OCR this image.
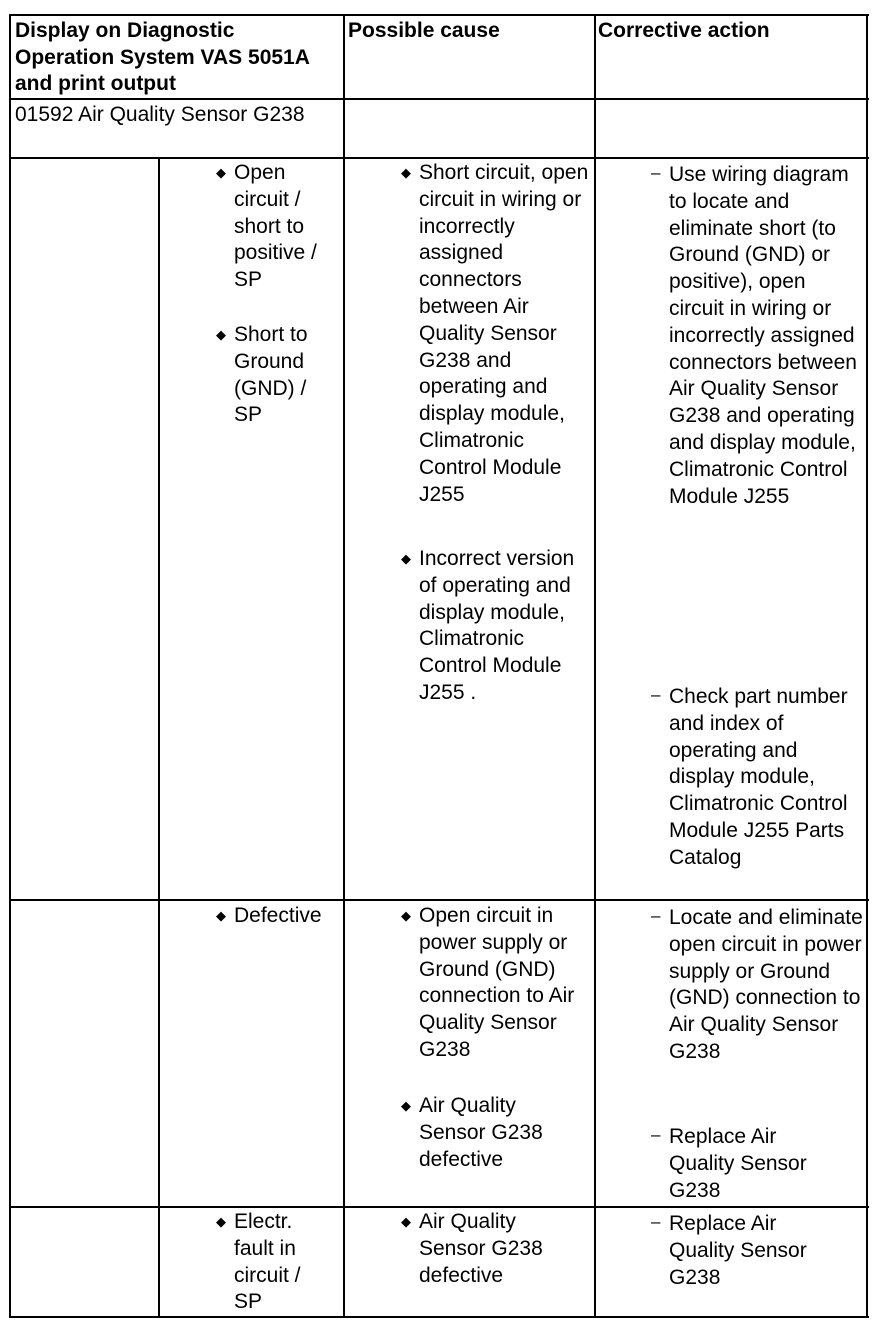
Display on Diagnostic Operation System VAS 5051A and print output
Possible cause	Corrective action
01592 Air Quality Sensor G238
◆ Open circuit / short to positive / SP
◆ Short to Ground (GND) / SP
◆ Short circuit, open circuit in wiring or incorrectly assigned connectors between Air Quality Sensor G238 and operating and display module, Climatronic Control Module J255
◆ Incorrect version of operating and display module, Climatronic Control Module J255 .
– Use wiring diagram to locate and eliminate short (to Ground (GND) or positive), open circuit in wiring or incorrectly assigned connectors between Air Quality Sensor G238 and operating and display module, Climatronic Control Module J255
– Check part number and index of operating and display module, Climatronic Control Module J255 Parts Catalog
◆ Defective	◆ Open circuit in power supply or Ground (GND) connection to Air Quality Sensor G238
◆ Air Quality Sensor G238 defective
– Locate and eliminate open circuit in power supply or Ground (GND) connection to Air Quality Sensor G238
– Replace Air Quality Sensor G238
◆ Electr. fault in circuit / SP
◆ Air Quality Sensor G238 defective
– Replace Air Quality Sensor G238
